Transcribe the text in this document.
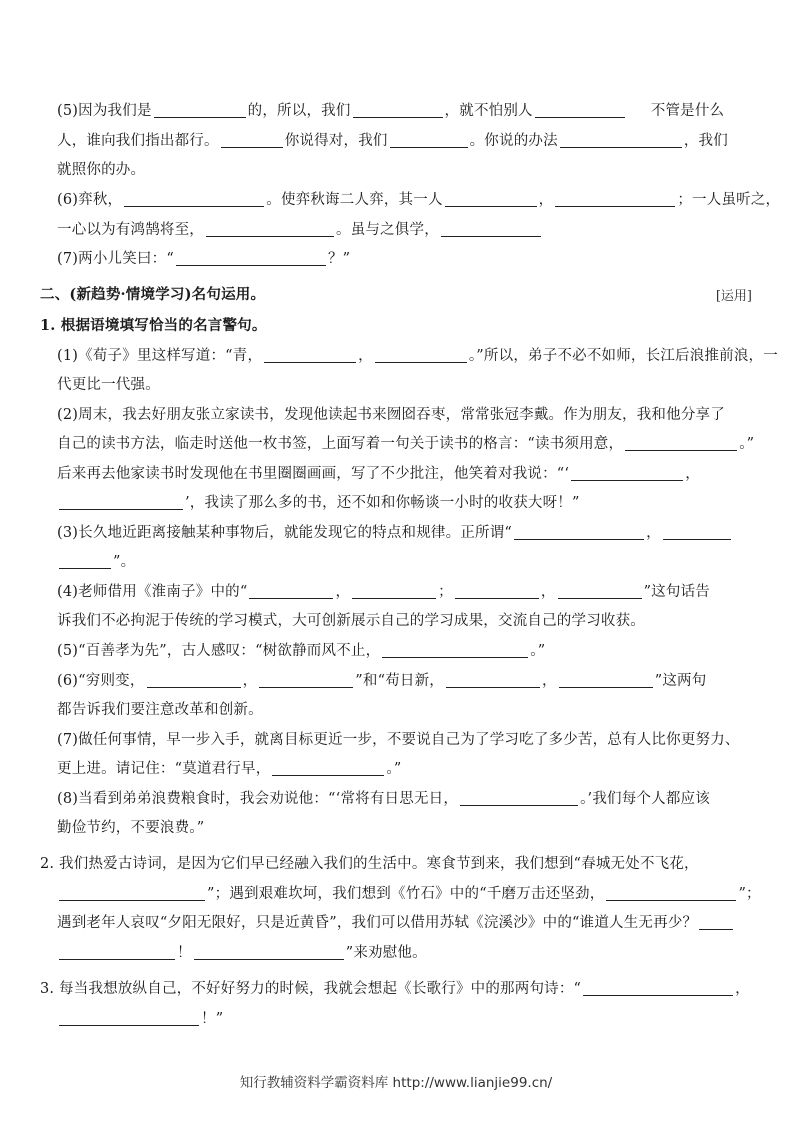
(5)因为我们是	的，所以，我们	，就不怕别人	不管是什么
人，谁向我们指出都行。	你说得对，我们	。你说的办法	，我们
就照你的办。
(6)弈秋，	。使弈秋诲二人弈，其一人	，	；一人虽听之，
一心以为有鸿鹄将至，	。虽与之俱学，
(7)两小儿笑曰：“	？”
二、(新趋势·情境学习)名句运用。	[运用]
1. 根据语境填写恰当的名言警句。
(1)《荀子》里这样写道：“青，	，	。”所以，弟子不必不如师，长江后浪推前浪，一
代更比一代强。
(2)周末，我去好朋友张立家读书，发现他读起书来囫囵吞枣，常常张冠李戴。作为朋友，我和他分享了
自己的读书方法，临走时送他一枚书签，上面写着一句关于读书的格言：“读书须用意，	。”
后来再去他家读书时发现他在书里圈圈画画，写了不少批注，他笑着对我说：“‘	，
’，我读了那么多的书，还不如和你畅谈一小时的收获大呀！”
(3)长久地近距离接触某种事物后，就能发现它的特点和规律。正所谓“	，
”。
(4)老师借用《淮南子》中的“	，	；	，	”这句话告
诉我们不必拘泥于传统的学习模式，大可创新展示自己的学习成果，交流自己的学习收获。
(5)“百善孝为先”，古人感叹：“树欲静而风不止，	。”
(6)“穷则变，	，	”和“苟日新，	，	”这两句
都告诉我们要注意改革和创新。
(7)做任何事情，早一步入手，就离目标更近一步，不要说自己为了学习吃了多少苦，总有人比你更努力、
更上进。请记住：“莫道君行早，	。”
(8)当看到弟弟浪费粮食时，我会劝说他：“‘常将有日思无日，	。’我们每个人都应该
勤俭节约，不要浪费。”
2. 我们热爱古诗词，是因为它们早已经融入我们的生活中。寒食节到来，我们想到“春城无处不飞花，
”；遇到艰难坎坷，我们想到《竹石》中的“千磨万击还坚劲，	”；
遇到老年人哀叹“夕阳无限好，只是近黄昏”，我们可以借用苏轼《浣溪沙》中的“谁道人生无再少？
！	”来劝慰他。
3. 每当我想放纵自己，不好好努力的时候，我就会想起《长歌行》中的那两句诗：“	，
！”
知行教辅资料学霸资料库 http://www.lianjie99.cn/
